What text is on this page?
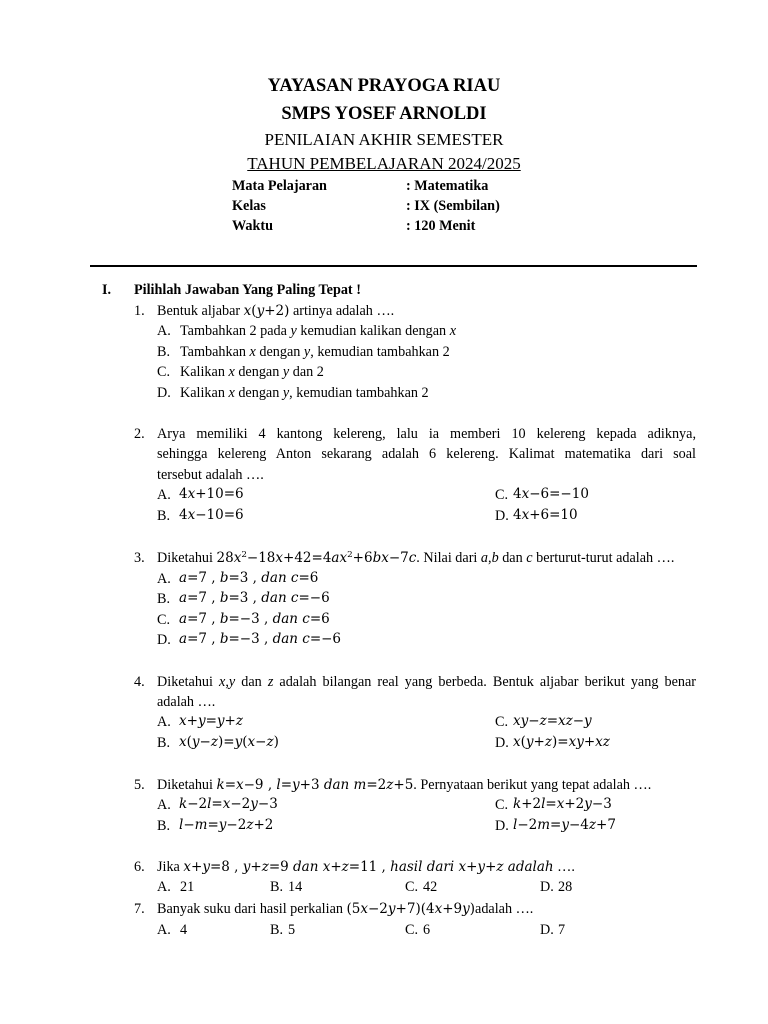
YAYASAN PRAYOGA RIAU
SMPS YOSEF ARNOLDI
PENILAIAN AKHIR SEMESTER
TAHUN PEMBELAJARAN 2024/2025
Mata Pelajaran	: Matematika
Kelas	: IX (Sembilan)
Waktu	: 120 Menit
I. Pilihlah Jawaban Yang Paling Tepat !
1. Bentuk aljabar x(y+2) artinya adalah ….
A. Tambahkan 2 pada y kemudian kalikan dengan x
B. Tambahkan x dengan y, kemudian tambahkan 2
C. Kalikan x dengan y dan 2
D. Kalikan x dengan y, kemudian tambahkan 2
2. Arya memiliki 4 kantong kelereng, lalu ia memberi 10 kelereng kepada adiknya,
sehingga kelereng Anton sekarang adalah 6 kelereng. Kalimat matematika dari soal
tersebut adalah ….
A. 4x+10=6
B. 4x−10=6
C. 4x−6=−10
D. 4x+6=10
3. Diketahui $28x^2-18x+42=4ax^2+6bx-7c$. Nilai dari a,b dan c berturut-turut adalah ….
A. a=7 , b=3 , dan c=6
B. a=7 , b=3 , dan c=−6
C. a=7 , b=−3 , dan c=6
D. a=7 , b=−3 , dan c=−6
4. Diketahui x,y dan z adalah bilangan real yang berbeda. Bentuk aljabar berikut yang benar
adalah ….
A. x+y=y+z
B. x(y−z)=y(x−z)
C. xy−z=xz−y
D. x(y+z)=xy+xz
5. Diketahui k=x−9 , l=y+3 dan m=2z+5. Pernyataan berikut yang tepat adalah ….
A. k−2l=x−2y−3
B. l−m=y−2z+2
C. k+2l=x+2y−3
D. l−2m=y−4z+7
6. Jika x+y=8 , y+z=9 dan x+z=11 , hasil dari x+y+z adalah ….
A. 21	B. 14	C. 42	D. 28
7. Banyak suku dari hasil perkalian (5x−2y+7)(4x+9y)adalah ….
A. 4	B. 5	C. 6	D. 7
